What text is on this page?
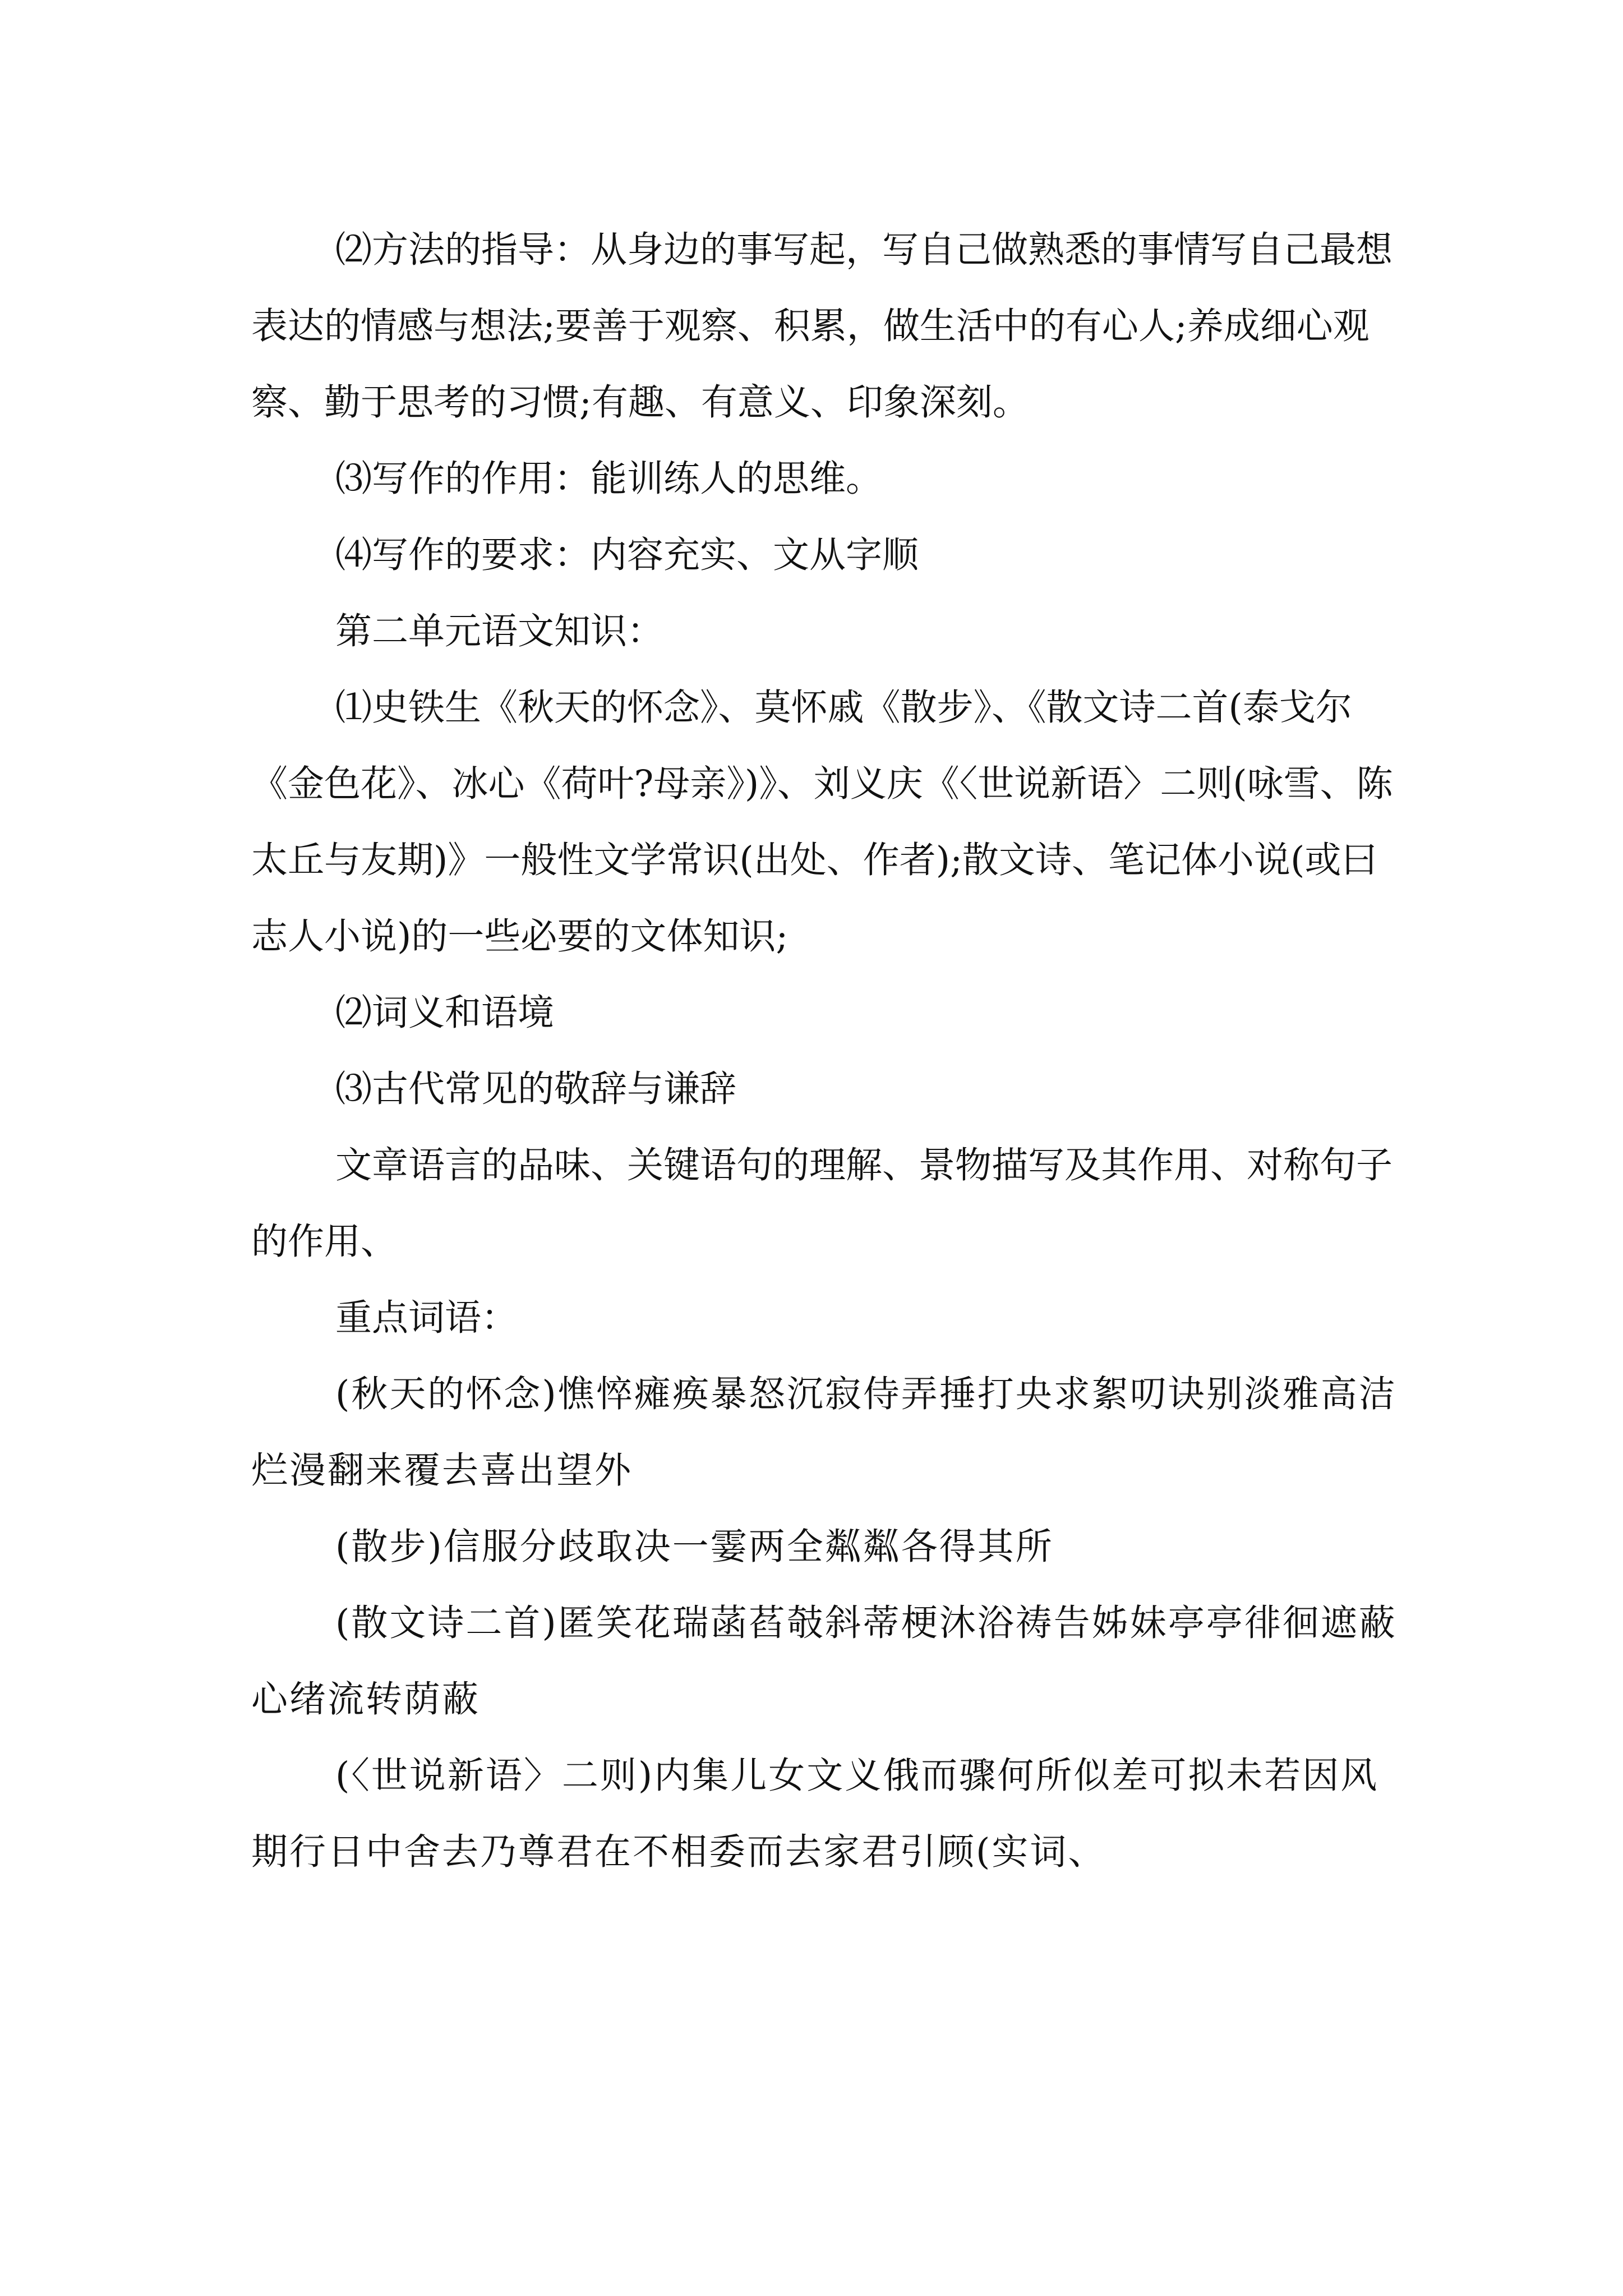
⑵方法的指导：从身边的事写起，写自己做熟悉的事情写自己最想表达的情感与想法;要善于观察、积累，做生活中的有心人;养成细心观察、勤于思考的习惯;有趣、有意义、印象深刻。

⑶写作的作用：能训练人的思维。

⑷写作的要求：内容充实、文从字顺

第二单元语文知识：

⑴史铁生《秋天的怀念》、莫怀戚《散步》、《散文诗二首(泰戈尔《金色花》、冰心《荷叶?母亲》)》、刘义庆《〈世说新语〉二则(咏雪、陈太丘与友期)》一般性文学常识(出处、作者);散文诗、笔记体小说(或曰志人小说)的一些必要的文体知识;

⑵词义和语境

⑶古代常见的敬辞与谦辞

文章语言的品味、关键语句的理解、景物描写及其作用、对称句子的作用、

重点词语：

(秋天的怀念)憔悴瘫痪暴怒沉寂侍弄捶打央求絮叨诀别淡雅高洁烂漫翻来覆去喜出望外

(散步)信服分歧取决一霎两全粼粼各得其所

(散文诗二首)匿笑花瑞菡萏攲斜蒂梗沐浴祷告姊妹亭亭徘徊遮蔽心绪流转荫蔽

(〈世说新语〉二则)内集儿女文义俄而骤何所似差可拟未若因风期行日中舍去乃尊君在不相委而去家君引顾(实词、
